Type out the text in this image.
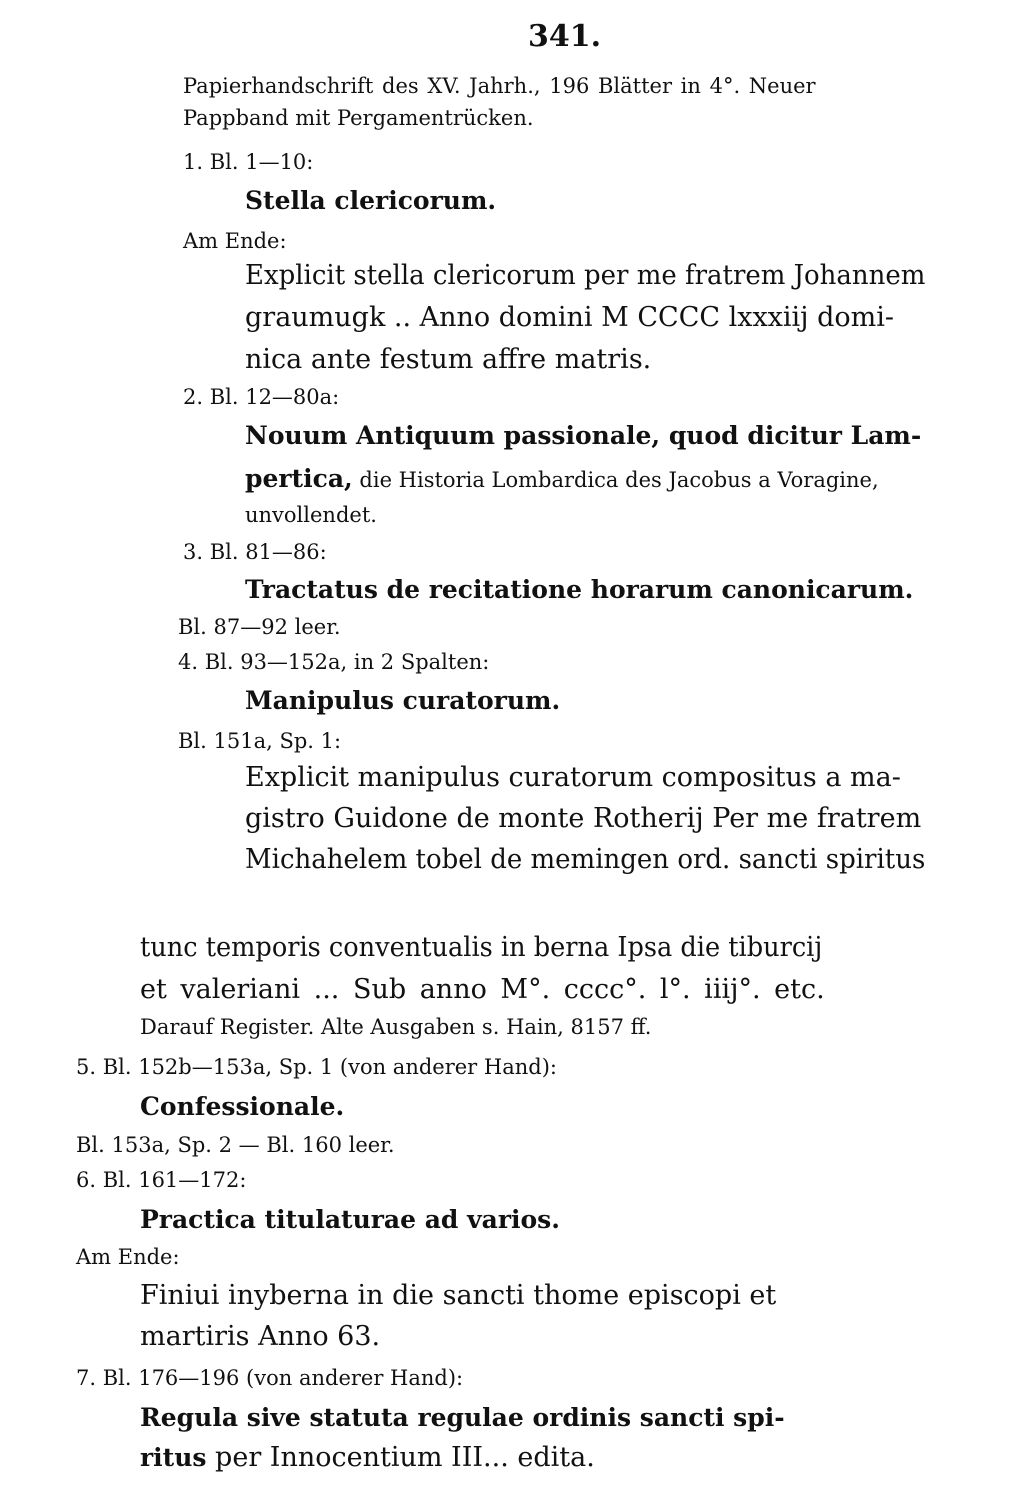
341.
Papierhandschrift des XV. Jahrh., 196 Blätter in 4°. Neuer
Pappband mit Pergamentrücken.
1. Bl. 1—10:
Stella clericorum.
Am Ende:
Explicit stella clericorum per me fratrem Johannem
graumugk .. Anno domini M CCCC lxxxiij domi-
nica ante festum affre matris.
2. Bl. 12—80a:
Nouum Antiquum passionale, quod dicitur Lam-
pertica, die Historia Lombardica des Jacobus a Voragine,
unvollendet.
3. Bl. 81—86:
Tractatus de recitatione horarum canonicarum.
Bl. 87—92 leer.
4. Bl. 93—152a, in 2 Spalten:
Manipulus curatorum.
Bl. 151a, Sp. 1:
Explicit manipulus curatorum compositus a ma-
gistro Guidone de monte Rotherij Per me fratrem
Michahelem tobel de memingen ord. sancti spiritus
tunc temporis conventualis in berna Ipsa die tiburcij
et valeriani ... Sub anno M°. cccc°. l°. iiij°. etc.
Darauf Register. Alte Ausgaben s. Hain, 8157 ff.
5. Bl. 152b—153a, Sp. 1 (von anderer Hand):
Confessionale.
Bl. 153a, Sp. 2 — Bl. 160 leer.
6. Bl. 161—172:
Practica titulaturae ad varios.
Am Ende:
Finiui inyberna in die sancti thome episcopi et
martiris Anno 63.
7. Bl. 176—196 (von anderer Hand):
Regula sive statuta regulae ordinis sancti spi-
ritus per Innocentium III... edita.
